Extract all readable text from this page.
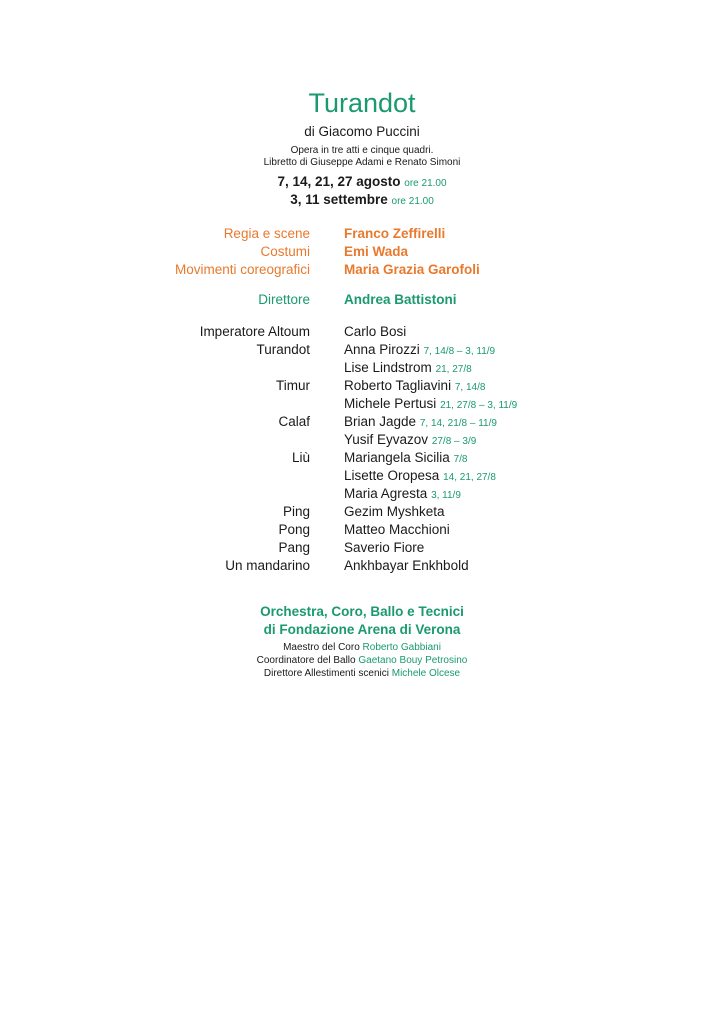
Turandot
di Giacomo Puccini
Opera in tre atti e cinque quadri.
Libretto di Giuseppe Adami e Renato Simoni
7, 14, 21, 27 agosto ore 21.00
3, 11 settembre ore 21.00
Regia e scene	Franco Zeffirelli
Costumi	Emi Wada
Movimenti coreografici	Maria Grazia Garofoli
Direttore	Andrea Battistoni
Imperatore Altoum	Carlo Bosi
Turandot	Anna Pirozzi 7, 14/8 – 3, 11/9
Lise Lindstrom 21, 27/8
Timur	Roberto Tagliavini 7, 14/8
Michele Pertusi 21, 27/8 – 3, 11/9
Calaf	Brian Jagde 7, 14, 21/8 – 11/9
Yusif Eyvazov 27/8 – 3/9
Liù	Mariangela Sicilia 7/8
Lisette Oropesa 14, 21, 27/8
Maria Agresta 3, 11/9
Ping	Gezim Myshketa
Pong	Matteo Macchioni
Pang	Saverio Fiore
Un mandarino	Ankhbayar Enkhbold
Orchestra, Coro, Ballo e Tecnici
di Fondazione Arena di Verona
Maestro del Coro Roberto Gabbiani
Coordinatore del Ballo Gaetano Bouy Petrosino
Direttore Allestimenti scenici Michele Olcese
